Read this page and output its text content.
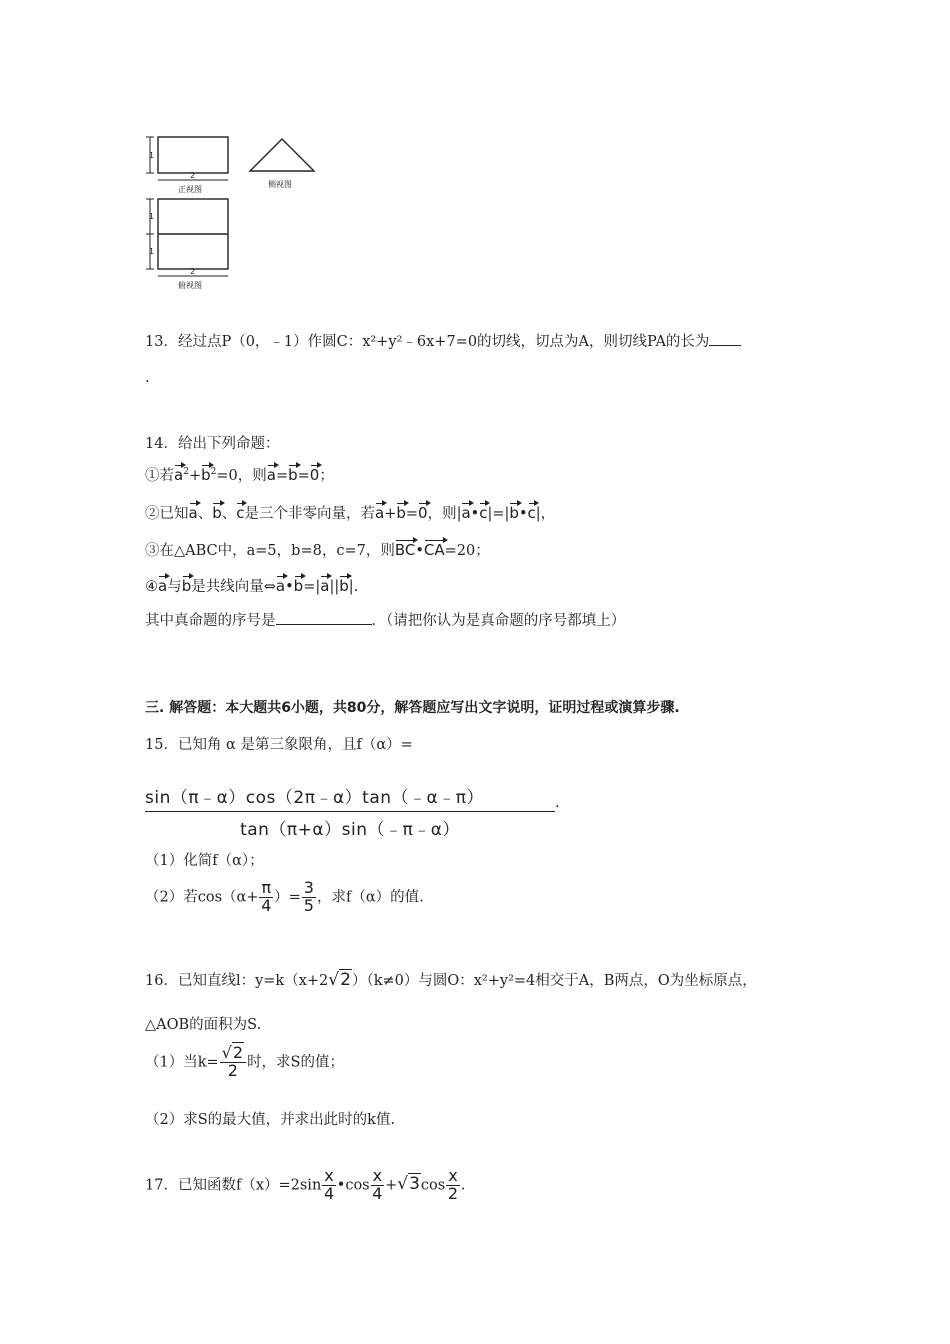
1
2
正视图
侧视图
1
1
2
俯视图
13．经过点P（0，﹣1）作圆C：x²+y²﹣6x+7=0的切线，切点为A，则切线PA的长为
.
14．给出下列命题：
①若$a^2+b^2=0$，则a=b=0；
②已知a、b、c是三个非零向量，若a+b=0，则|a•c|=|b•c|，
③在△ABC中，a=5，b=8，c=7，则BC•CA=20；
④a与b是共线向量⇔a•b=|a||b|.
其中真命题的序号是	．（请把你认为是真命题的序号都填上）
三. 解答题：本大题共6小题，共80分，解答题应写出文字说明，证明过程或演算步骤.
15．已知角 α 是第三象限角，且f（α）=
sin（π﹣α）cos（2π﹣α）tan（﹣α﹣π）
tan（π+α）sin（﹣π﹣α）
.
（1）化简f（α）；
（2）若$\cos(\alpha+ \frac{\pi}{4}$ ）= $\frac{3}{5}$ ，求f（α）的值.
16．已知直线l：y=k（x+2√2）（k≠0）与圆O：x²+y²=4相交于A，B两点，O为坐标原点，
△AOB的面积为S.
（1）当$k= \frac{√2}{2}$ 时，求S的值；
（2）求S的最大值，并求出此时的k值.
17．已知函数$f(x)=2\sin \frac{x}{4}$ •cos $\frac{x}{4} +√3\cos \frac{x}{2}$ .
